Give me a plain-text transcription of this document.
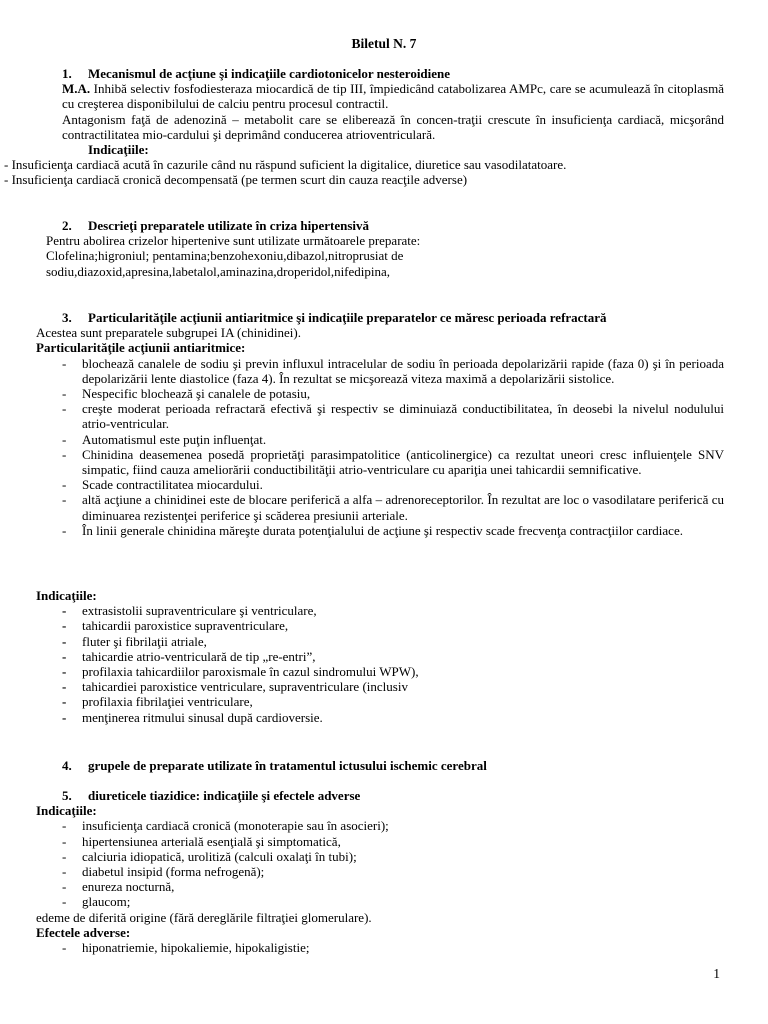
Biletul N. 7
1. Mecanismul de acţiune şi indicaţiile cardiotonicelor nesteroidiene

M.A. Inhibă selectiv fosfodiesteraza miocardică de tip III, împiedicând catabolizarea AMPc, care se acumulează în citoplasmă cu creşterea disponibilului de calciu pentru procesul contractil.

Antagonism faţă de adenozină – metabolit care se eliberează în concen-traţii crescute în insuficienţa cardiacă, micşorând contractilitatea mio-cardului şi deprimând conducerea atrioventriculară.

Indicaţiile:
- Insuficienţa cardiacă acută în cazurile când nu răspund suficient la digitalice, diuretice sau vasodilatatoare.
- Insuficienţa cardiacă cronică decompensată (pe termen scurt din cauza reacţile adverse)
2. Descrieţi preparatele utilizate în criza hipertensivă
Pentru abolirea crizelor hipertenive sunt utilizate următoarele preparate:
Clofelina;higroniul; pentamina;benzohexoniu,dibazol,nitroprusiat de sodiu,diazoxid,apresina,labetalol,aminazina,droperidol,nifedipina,
3. Particularităţile acţiunii antiaritmice şi indicaţiile preparatelor ce măresc perioada refractară
Acestea sunt preparatele subgrupei IA (chinidinei).
Particularităţile acţiunii antiaritmice:
- blochează canalele de sodiu şi previn influxul intracelular de sodiu în perioada depolarizării rapide (faza 0) şi în perioada depolarizării lente diastolice (faza 4). În rezultat se micşorează viteza maximă a depolarizării sistolice.
- Nespecific blochează şi canalele de potasiu,
- creşte moderat perioada refractară efectivă şi respectiv se diminuiază conductibilitatea, în deosebi la nivelul nodulului atrio-ventricular.
- Automatismul este puţin influenţat.
- Chinidina deasemenea posedă proprietăţi parasimpatolitice (anticolinergice) ca rezultat uneori cresc influienţele SNV simpatic, fiind cauza ameliorării conductibilităţii atrio-ventriculare cu apariţia unei tahicardii semnificative.
- Scade contractilitatea miocardului.
- altă acţiune a chinidinei este de blocare periferică a alfa – adrenoreceptorilor. În rezultat are loc o vasodilatare periferică cu diminuarea rezistenţei periferice şi scăderea presiunii arteriale.
- În linii generale chinidina măreşte durata potenţialului de acţiune şi respectiv scade frecvenţa contracţiilor cardiace.
Indicaţiile:
- extrasistolii supraventriculare şi ventriculare,
- tahicardii paroxistice supraventriculare,
- fluter şi fibrilaţii atriale,
- tahicardie atrio-ventriculară de tip „re-entri”,
- profilaxia tahicardiilor paroxismale în cazul sindromului WPW),
- tahicardiei paroxistice ventriculare, supraventriculare (inclusiv
- profilaxia fibrilaţiei ventriculare,
- menţinerea ritmului sinusal după cardioversie.
4. grupele de preparate utilizate în tratamentul ictusului ischemic cerebral
5. diureticele tiazidice: indicaţiile şi efectele adverse
Indicaţiile:
- insuficienţa cardiacă cronică (monoterapie sau în asocieri);
- hipertensiunea arterială esenţială şi simptomatică,
- calciuria idiopatică, urolitiză (calculi oxalaţi în tubi);
- diabetul insipid (forma nefrogenă);
- enureza nocturnă,
- glaucom;
edeme de diferită origine (fără dereglările filtraţiei glomerulare).
Efectele adverse:
- hiponatriemie, hipokaliemie, hipokaligistie;
1
